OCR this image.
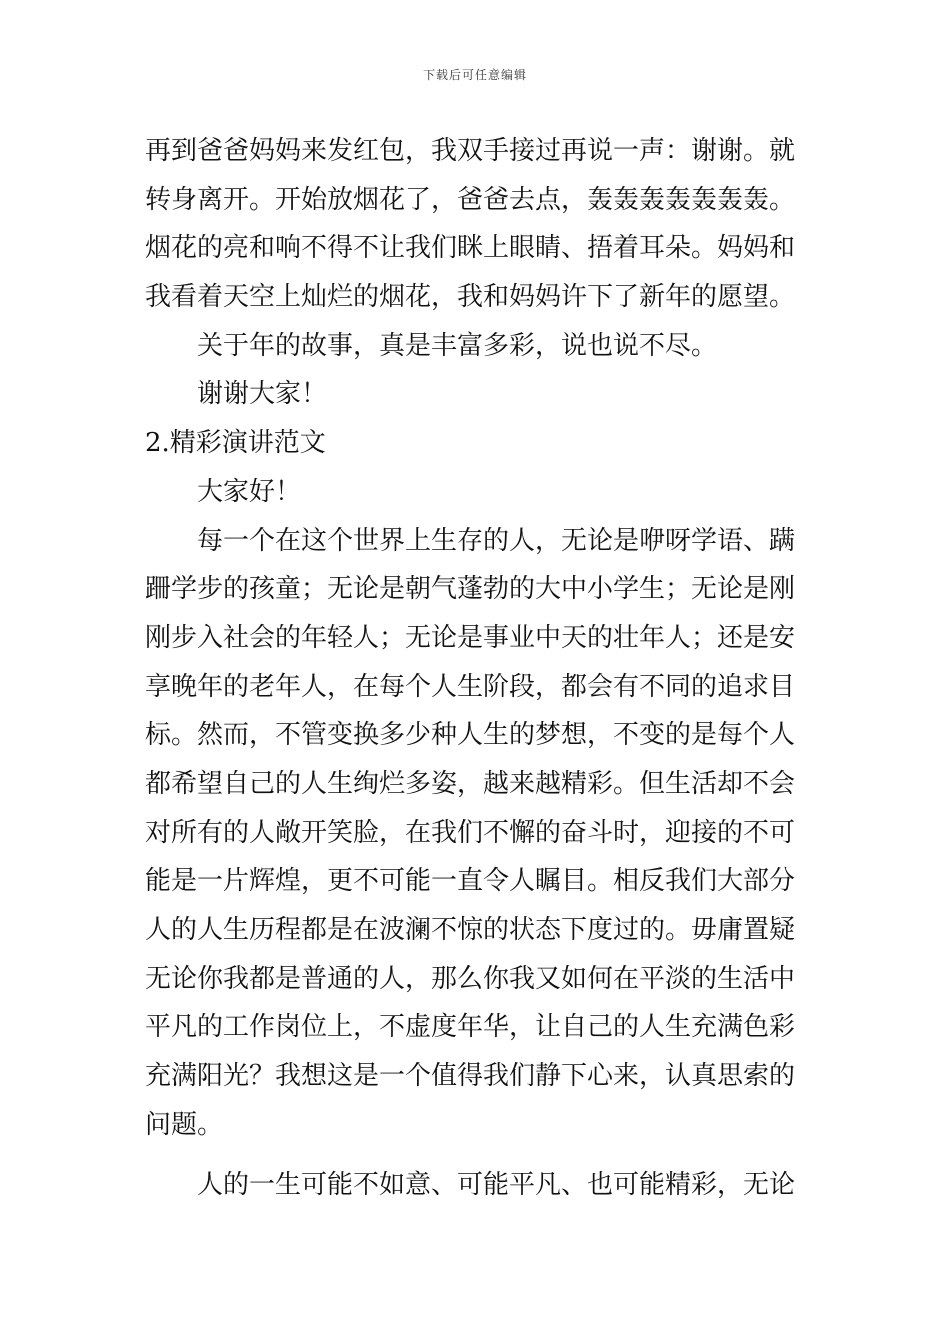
下载后可任意编辑
再到爸爸妈妈来发红包，我双手接过再说一声：谢谢。就
转身离开。开始放烟花了，爸爸去点，轰轰轰轰轰轰轰。
烟花的亮和响不得不让我们眯上眼睛、捂着耳朵。妈妈和
我看着天空上灿烂的烟花，我和妈妈许下了新年的愿望。
关于年的故事，真是丰富多彩，说也说不尽。
谢谢大家！
2.精彩演讲范文
大家好！
每一个在这个世界上生存的人，无论是咿呀学语、蹒
跚学步的孩童；无论是朝气蓬勃的大中小学生；无论是刚
刚步入社会的年轻人；无论是事业中天的壮年人；还是安
享晚年的老年人，在每个人生阶段，都会有不同的追求目
标。然而，不管变换多少种人生的梦想，不变的是每个人
都希望自己的人生绚烂多姿，越来越精彩。但生活却不会
对所有的人敞开笑脸，在我们不懈的奋斗时，迎接的不可
能是一片辉煌，更不可能一直令人瞩目。相反我们大部分
人的人生历程都是在波澜不惊的状态下度过的。毋庸置疑
无论你我都是普通的人，那么你我又如何在平淡的生活中
平凡的工作岗位上，不虚度年华，让自己的人生充满色彩
充满阳光？我想这是一个值得我们静下心来，认真思索的
问题。
人的一生可能不如意、可能平凡、也可能精彩，无论
